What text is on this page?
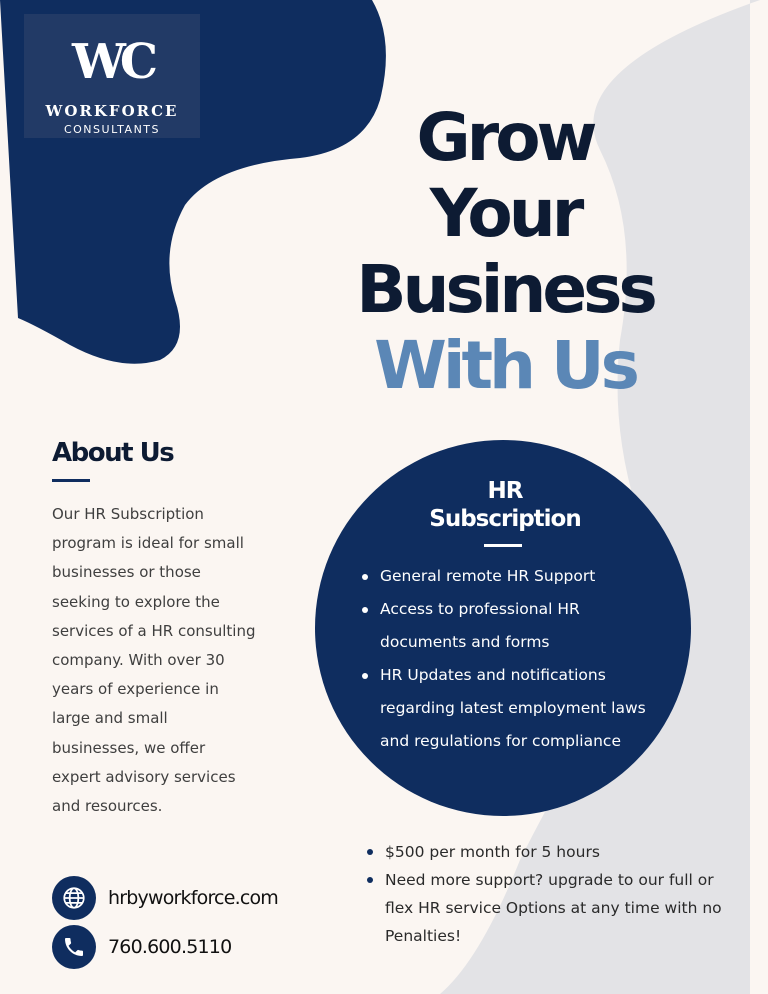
WC
WORKFORCE
CONSULTANTS	Grow
Your
Business
With Us
About Us

Our HR Subscription program is ideal for small businesses or those seeking to explore the services of a HR consulting company. With over 30 years of experience in large and small businesses, we offer expert advisory services and resources.

HR
Subscription
General remote HR Support
Access to professional HR documents and forms
HR Updates and notifications regarding latest employment laws and regulations for compliance
$500 per month for 5 hours
Need more support? upgrade to our full or flex HR service Options at any time with no Penalties!
hrbyworkforce.com
760.600.5110
